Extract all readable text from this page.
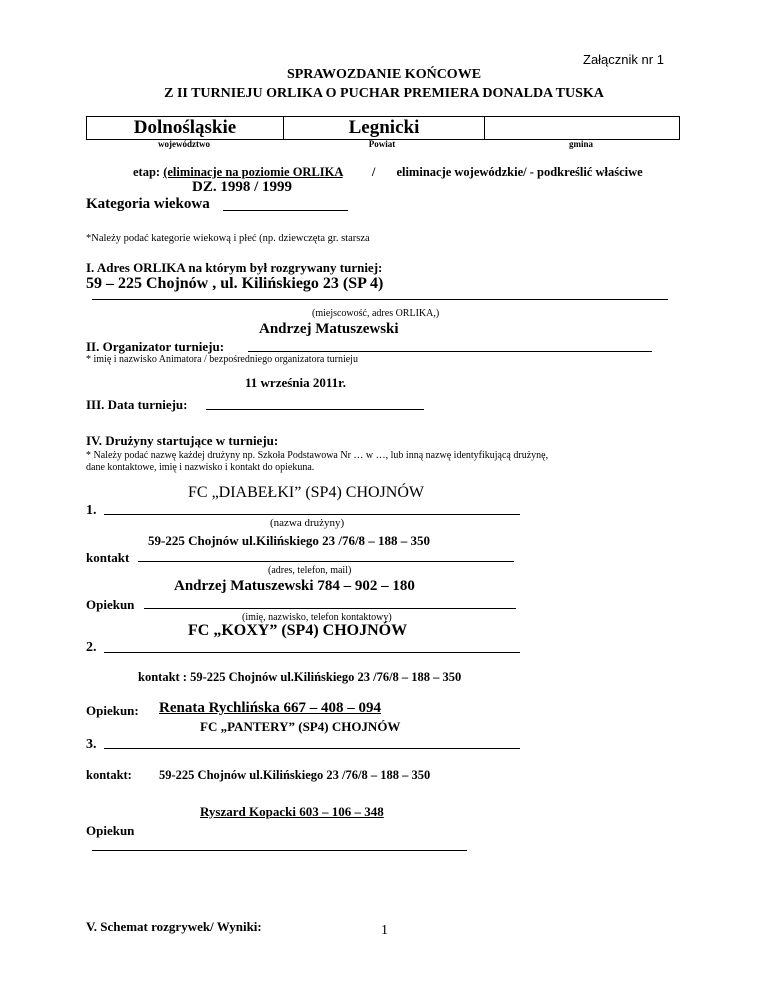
Załącznik nr 1
SPRAWOZDANIE KOŃCOWE
Z II TURNIEJU ORLIKA O PUCHAR PREMIERA DONALDA TUSKA
Dolnośląskie	Legnicki	
województwo	Powiat	gmina
etap: (eliminacje na poziomie ORLIKA / eliminacje wojewódzkie/ - podkreślić właściwe
DZ. 1998 / 1999
Kategoria wiekowa
*Należy podać kategorie wiekową i płeć (np. dziewczęta gr. starsza
I. Adres ORLIKA na którym był rozgrywany turniej:
59 – 225 Chojnów , ul. Kilińskiego 23 (SP 4)
(miejscowość, adres ORLIKA,)
Andrzej Matuszewski
II. Organizator turnieju:
* imię i nazwisko Animatora / bezpośredniego organizatora turnieju
11 września 2011r.
III. Data turnieju:
IV. Drużyny startujące w turnieju:
* Należy podać nazwę każdej drużyny np. Szkoła Podstawowa Nr … w …, lub inną nazwę identyfikującą drużynę,
dane kontaktowe, imię i nazwisko i kontakt do opiekuna.
FC „DIABEŁKI” (SP4) CHOJNÓW
1.
(nazwa drużyny)
59-225 Chojnów ul.Kilińskiego 23 /76/8 – 188 – 350
kontakt
(adres, telefon, mail)
Andrzej Matuszewski 784 – 902 – 180
Opiekun
(imię, nazwisko, telefon kontaktowy)
FC „KOXY” (SP4) CHOJNÓW
2.
kontakt : 59-225 Chojnów ul.Kilińskiego 23 /76/8 – 188 – 350
Opiekun: Renata Rychlińska 667 – 408 – 094
FC „PANTERY” (SP4) CHOJNÓW
3.
kontakt: 59-225 Chojnów ul.Kilińskiego 23 /76/8 – 188 – 350
Ryszard Kopacki 603 – 106 – 348
Opiekun
V. Schemat rozgrywek/ Wyniki:	1
